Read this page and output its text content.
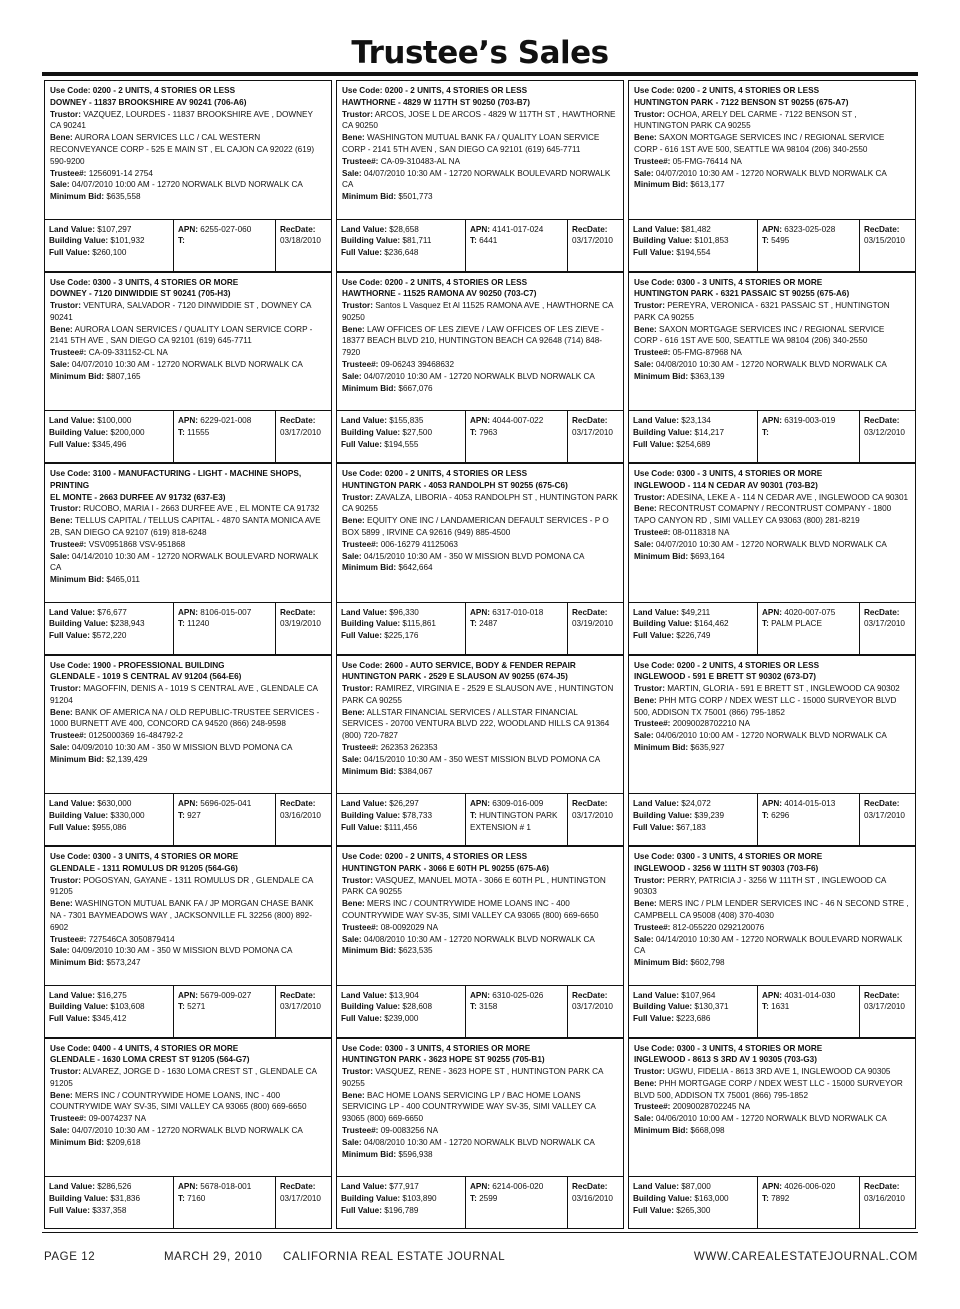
Trustee’s Sales
Use Code: 0200 - 2 UNITS, 4 STORIES OR LESS
DOWNEY - 11837 BROOKSHIRE AV 90241 (706-A6)
Trustor: VAZQUEZ, LOURDES - 11837 BROOKSHIRE AVE , DOWNEY CA 90241
Bene: AURORA LOAN SERVICES LLC / CAL WESTERN RECONVEYANCE CORP - 525 E MAIN ST , EL CAJON CA 92022 (619) 590-9200
Trustee#: 1256091-14 2754
Sale: 04/07/2010 10:00 AM - 12720 NORWALK BLVD NORWALK CA
Minimum Bid: $635,558
Land Value: $107,297
Building Value: $101,932
Full Value: $260,100
APN: 6255-027-060
T:
RecDate:
03/18/2010
Use Code: 0200 - 2 UNITS, 4 STORIES OR LESS
HAWTHORNE - 4829 W 117TH ST 90250 (703-B7)
Trustor: ARCOS, JOSE L DE ARCOS - 4829 W 117TH ST , HAWTHORNE CA 90250
Bene: WASHINGTON MUTUAL BANK FA / QUALITY LOAN SERVICE CORP - 2141 5TH AVEN , SAN DIEGO CA 92101 (619) 645-7711
Trustee#: CA-09-310483-AL NA
Sale: 04/07/2010 10:30 AM - 12720 NORWALK BOULEVARD NORWALK CA
Minimum Bid: $501,773
Land Value: $28,658
Building Value: $81,711
Full Value: $236,648
APN: 4141-017-024
T: 6441
RecDate:
03/17/2010
Use Code: 0200 - 2 UNITS, 4 STORIES OR LESS
HUNTINGTON PARK - 7122 BENSON ST 90255 (675-A7)
Trustor: OCHOA, ARELY DEL CARME - 7122 BENSON ST , HUNTINGTON PARK CA 90255
Bene: SAXON MORTGAGE SERVICES INC / REGIONAL SERVICE CORP - 616 1ST AVE 500, SEATTLE WA 98104 (206) 340-2550
Trustee#: 05-FMG-76414 NA
Sale: 04/07/2010 10:30 AM - 12720 NORWALK BLVD NORWALK CA
Minimum Bid: $613,177
Land Value: $81,482
Building Value: $101,853
Full Value: $194,554
APN: 6323-025-028
T: 5495
RecDate:
03/15/2010
Use Code: 0300 - 3 UNITS, 4 STORIES OR MORE
DOWNEY - 7120 DINWIDDIE ST 90241 (705-H3)
Trustor: VENTURA, SALVADOR - 7120 DINWIDDIE ST , DOWNEY CA 90241
Bene: AURORA LOAN SERVICES / QUALITY LOAN SERVICE CORP - 2141 5TH AVE , SAN DIEGO CA 92101 (619) 645-7711
Trustee#: CA-09-331152-CL NA
Sale: 04/07/2010 10:30 AM - 12720 NORWALK BLVD NORWALK CA
Minimum Bid: $807,165
Land Value: $100,000
Building Value: $200,000
Full Value: $345,496
APN: 6229-021-008
T: 11555
RecDate:
03/17/2010
Use Code: 0200 - 2 UNITS, 4 STORIES OR LESS
HAWTHORNE - 11525 RAMONA AV 90250 (703-C7)
Trustor: Santos L Vasquez Et Al 11525 RAMONA AVE , HAWTHORNE CA 90250
Bene: LAW OFFICES OF LES ZIEVE / LAW OFFICES OF LES ZIEVE - 18377 BEACH BLVD 210, HUNTINGTON BEACH CA 92648 (714) 848-7920
Trustee#: 09-06243 39468632
Sale: 04/07/2010 10:30 AM - 12720 NORWALK BLVD NORWALK CA
Minimum Bid: $667,076
Land Value: $155,835
Building Value: $27,500
Full Value: $194,555
APN: 4044-007-022
T: 7963
RecDate:
03/17/2010
Use Code: 0300 - 3 UNITS, 4 STORIES OR MORE
HUNTINGTON PARK - 6321 PASSAIC ST 90255 (675-A6)
Trustor: PEREYRA, VERONICA - 6321 PASSAIC ST , HUNTINGTON PARK CA 90255
Bene: SAXON MORTGAGE SERVICES INC / REGIONAL SERVICE CORP - 616 1ST AVE 500, SEATTLE WA 98104 (206) 340-2550
Trustee#: 05-FMG-87968 NA
Sale: 04/08/2010 10:30 AM - 12720 NORWALK BLVD NORWALK CA
Minimum Bid: $363,139
Land Value: $23,134
Building Value: $14,217
Full Value: $254,689
APN: 6319-003-019
T:
RecDate:
03/12/2010
Use Code: 3100 - MANUFACTURING - LIGHT - MACHINE SHOPS, PRINTING
EL MONTE - 2663 DURFEE AV 91732 (637-E3)
Trustor: RUCOBO, MARIA I - 2663 DURFEE AVE , EL MONTE CA 91732
Bene: TELLUS CAPITAL / TELLUS CAPITAL - 4870 SANTA MONICA AVE 2B, SAN DIEGO CA 92107 (619) 818-6248
Trustee#: VSV0951868 VSV-951868
Sale: 04/14/2010 10:30 AM - 12720 NORWALK BOULEVARD NORWALK CA
Minimum Bid: $465,011
Land Value: $76,677
Building Value: $238,943
Full Value: $572,220
APN: 8106-015-007
T: 11240
RecDate:
03/19/2010
Use Code: 0200 - 2 UNITS, 4 STORIES OR LESS
HUNTINGTON PARK - 4053 RANDOLPH ST 90255 (675-C6)
Trustor: ZAVALZA, LIBORIA - 4053 RANDOLPH ST , HUNTINGTON PARK CA 90255
Bene: EQUITY ONE INC / LANDAMERICAN DEFAULT SERVICES - P O BOX 5899 , IRVINE CA 92616 (949) 885-4500
Trustee#: 006-16279 41125063
Sale: 04/15/2010 10:30 AM - 350 W MISSION BLVD POMONA CA
Minimum Bid: $642,664
Land Value: $96,330
Building Value: $115,861
Full Value: $225,176
APN: 6317-010-018
T: 2487
RecDate:
03/19/2010
Use Code: 0300 - 3 UNITS, 4 STORIES OR MORE
INGLEWOOD - 114 N CEDAR AV 90301 (703-B2)
Trustor: ADESINA, LEKE A - 114 N CEDAR AVE , INGLEWOOD CA 90301
Bene: RECONTRUST COMAPNY / RECONTRUST COMPANY - 1800 TAPO CANYON RD , SIMI VALLEY CA 93063 (800) 281-8219
Trustee#: 08-0118318 NA
Sale: 04/07/2010 10:30 AM - 12720 NORWALK BLVD NORWALK CA
Minimum Bid: $693,164
Land Value: $49,211
Building Value: $164,462
Full Value: $226,749
APN: 4020-007-075
T: PALM PLACE
RecDate:
03/17/2010
Use Code: 1900 - PROFESSIONAL BUILDING
GLENDALE - 1019 S CENTRAL AV 91204 (564-E6)
Trustor: MAGOFFIN, DENIS A - 1019 S CENTRAL AVE , GLENDALE CA 91204
Bene: BANK OF AMERICA NA / OLD REPUBLIC-TRUSTEE SERVICES - 1000 BURNETT AVE 400, CONCORD CA 94520 (866) 248-9598
Trustee#: 0125000369 16-484792-2
Sale: 04/09/2010 10:30 AM - 350 W MISSION BLVD POMONA CA
Minimum Bid: $2,139,429
Land Value: $630,000
Building Value: $330,000
Full Value: $955,086
APN: 5696-025-041
T: 927
RecDate:
03/16/2010
Use Code: 2600 - AUTO SERVICE, BODY & FENDER REPAIR
HUNTINGTON PARK - 2529 E SLAUSON AV 90255 (674-J5)
Trustor: RAMIREZ, VIRGINIA E - 2529 E SLAUSON AVE , HUNTINGTON PARK CA 90255
Bene: ALLSTAR FINANCIAL SERVICES / ALLSTAR FINANCIAL SERVICES - 20700 VENTURA BLVD 222, WOODLAND HILLS CA 91364 (800) 720-7827
Trustee#: 262353 262353
Sale: 04/15/2010 10:30 AM - 350 WEST MISSION BLVD POMONA CA
Minimum Bid: $384,067
Land Value: $26,297
Building Value: $78,733
Full Value: $111,456
APN: 6309-016-009
T: HUNTINGTON PARK EXTENSION # 1
RecDate:
03/17/2010
Use Code: 0200 - 2 UNITS, 4 STORIES OR LESS
INGLEWOOD - 591 E BRETT ST 90302 (673-D7)
Trustor: MARTIN, GLORIA - 591 E BRETT ST , INGLEWOOD CA 90302
Bene: PHH MTG CORP / NDEX WEST LLC - 15000 SURVEYOR BLVD 500, ADDISON TX 75001 (866) 795-1852
Trustee#: 20090028702210 NA
Sale: 04/06/2010 10:00 AM - 12720 NORWALK BLVD NORWALK CA
Minimum Bid: $635,927
Land Value: $24,072
Building Value: $39,239
Full Value: $67,183
APN: 4014-015-013
T: 6296
RecDate:
03/17/2010
Use Code: 0300 - 3 UNITS, 4 STORIES OR MORE
GLENDALE - 1311 ROMULUS DR 91205 (564-G6)
Trustor: POGOSYAN, GAYANE - 1311 ROMULUS DR , GLENDALE CA 91205
Bene: WASHINGTON MUTUAL BANK FA / JP MORGAN CHASE BANK NA - 7301 BAYMEADOWS WAY , JACKSONVILLE FL 32256 (800) 892-6902
Trustee#: 727546CA 3050879414
Sale: 04/09/2010 10:30 AM - 350 W MISSION BLVD POMONA CA
Minimum Bid: $573,247
Land Value: $16,275
Building Value: $103,608
Full Value: $345,412
APN: 5679-009-027
T: 5271
RecDate:
03/17/2010
Use Code: 0200 - 2 UNITS, 4 STORIES OR LESS
HUNTINGTON PARK - 3066 E 60TH PL 90255 (675-A6)
Trustor: VASQUEZ, MANUEL MOTA - 3066 E 60TH PL , HUNTINGTON PARK CA 90255
Bene: MERS INC / COUNTRYWIDE HOME LOANS INC - 400 COUNTRYWIDE WAY SV-35, SIMI VALLEY CA 93065 (800) 669-6650
Trustee#: 08-0092029 NA
Sale: 04/08/2010 10:30 AM - 12720 NORWALK BLVD NORWALK CA
Minimum Bid: $623,535
Land Value: $13,904
Building Value: $28,608
Full Value: $239,000
APN: 6310-025-026
T: 3158
RecDate:
03/17/2010
Use Code: 0300 - 3 UNITS, 4 STORIES OR MORE
INGLEWOOD - 3256 W 111TH ST 90303 (703-F6)
Trustor: PERRY, PATRICIA J - 3256 W 111TH ST , INGLEWOOD CA 90303
Bene: MERS INC / PLM LENDER SERVICES INC - 46 N SECOND STRE , CAMPBELL CA 95008 (408) 370-4030
Trustee#: 812-055220 0292120076
Sale: 04/14/2010 10:30 AM - 12720 NORWALK BOULEVARD NORWALK CA
Minimum Bid: $602,798
Land Value: $107,964
Building Value: $130,371
Full Value: $223,686
APN: 4031-014-030
T: 1631
RecDate:
03/17/2010
Use Code: 0400 - 4 UNITS, 4 STORIES OR MORE
GLENDALE - 1630 LOMA CREST ST 91205 (564-G7)
Trustor: ALVAREZ, JORGE D - 1630 LOMA CREST ST , GLENDALE CA 91205
Bene: MERS INC / COUNTRYWIDE HOME LOANS, INC - 400 COUNTRYWIDE WAY SV-35, SIMI VALLEY CA 93065 (800) 669-6650
Trustee#: 09-0074237 NA
Sale: 04/07/2010 10:30 AM - 12720 NORWALK BLVD NORWALK CA
Minimum Bid: $209,618
Land Value: $286,526
Building Value: $31,836
Full Value: $337,358
APN: 5678-018-001
T: 7160
RecDate:
03/17/2010
Use Code: 0300 - 3 UNITS, 4 STORIES OR MORE
HUNTINGTON PARK - 3623 HOPE ST 90255 (705-B1)
Trustor: VASQUEZ, RENE - 3623 HOPE ST , HUNTINGTON PARK CA 90255
Bene: BAC HOME LOANS SERVICING LP / BAC HOME LOANS SERVICING LP - 400 COUNTRYWIDE WAY SV-35, SIMI VALLEY CA 93065 (800) 669-6650
Trustee#: 09-0083256 NA
Sale: 04/08/2010 10:30 AM - 12720 NORWALK BLVD NORWALK CA
Minimum Bid: $596,938
Land Value: $77,917
Building Value: $103,890
Full Value: $196,789
APN: 6214-006-020
T: 2599
RecDate:
03/16/2010
Use Code: 0300 - 3 UNITS, 4 STORIES OR MORE
INGLEWOOD - 8613 S 3RD AV 1 90305 (703-G3)
Trustor: UGWU, FIDELIA - 8613 3RD AVE 1, INGLEWOOD CA 90305
Bene: PHH MORTGAGE CORP / NDEX WEST LLC - 15000 SURVEYOR BLVD 500, ADDISON TX 75001 (866) 795-1852
Trustee#: 20090028702245 NA
Sale: 04/06/2010 10:00 AM - 12720 NORWALK BLVD NORWALK CA
Minimum Bid: $668,098
Land Value: $87,000
Building Value: $163,000
Full Value: $265,300
APN: 4026-006-020
T: 7892
RecDate:
03/16/2010
PAGE 12	MARCH 29, 2010 CALIFORNIA REAL ESTATE JOURNAL	WWW.CAREALESTATEJOURNAL.COM
